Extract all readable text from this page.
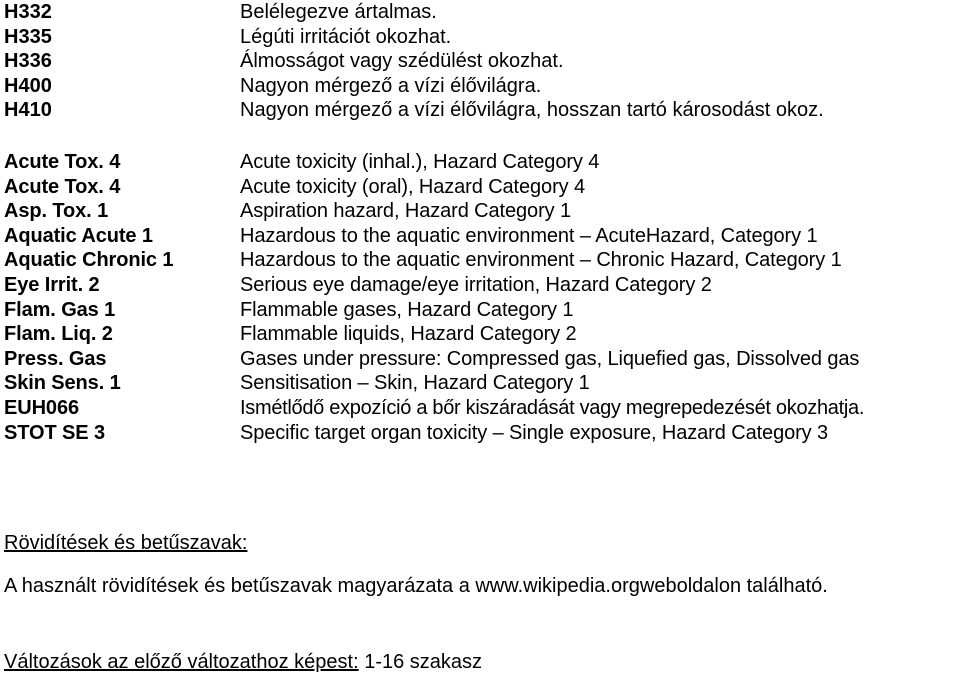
H332	Belélegezve ártalmas.
H335	Légúti irritációt okozhat.
H336	Álmosságot vagy szédülést okozhat.
H400	Nagyon mérgező a vízi élővilágra.
H410	Nagyon mérgező a vízi élővilágra, hosszan tartó károsodást okoz.
Acute Tox. 4	Acute toxicity (inhal.), Hazard Category 4
Acute Tox. 4	Acute toxicity (oral), Hazard Category 4
Asp. Tox. 1	Aspiration hazard, Hazard Category 1
Aquatic Acute 1	Hazardous to the aquatic environment – AcuteHazard, Category 1
Aquatic Chronic 1	Hazardous to the aquatic environment – Chronic Hazard, Category 1
Eye Irrit. 2	Serious eye damage/eye irritation, Hazard Category 2
Flam. Gas 1	Flammable gases, Hazard Category 1
Flam. Liq. 2	Flammable liquids, Hazard Category 2
Press. Gas	Gases under pressure: Compressed gas, Liquefied gas, Dissolved gas
Skin Sens. 1	Sensitisation – Skin, Hazard Category 1
EUH066	Ismétlődő expozíció a bőr kiszáradását vagy megrepedezését okozhatja.
STOT SE 3	Specific target organ toxicity – Single exposure, Hazard Category 3
Rövidítések és betűszavak:
A használt rövidítések és betűszavak magyarázata a www.wikipedia.orgweboldalon található.
Változások az előző változathoz képest: 1-16 szakasz
